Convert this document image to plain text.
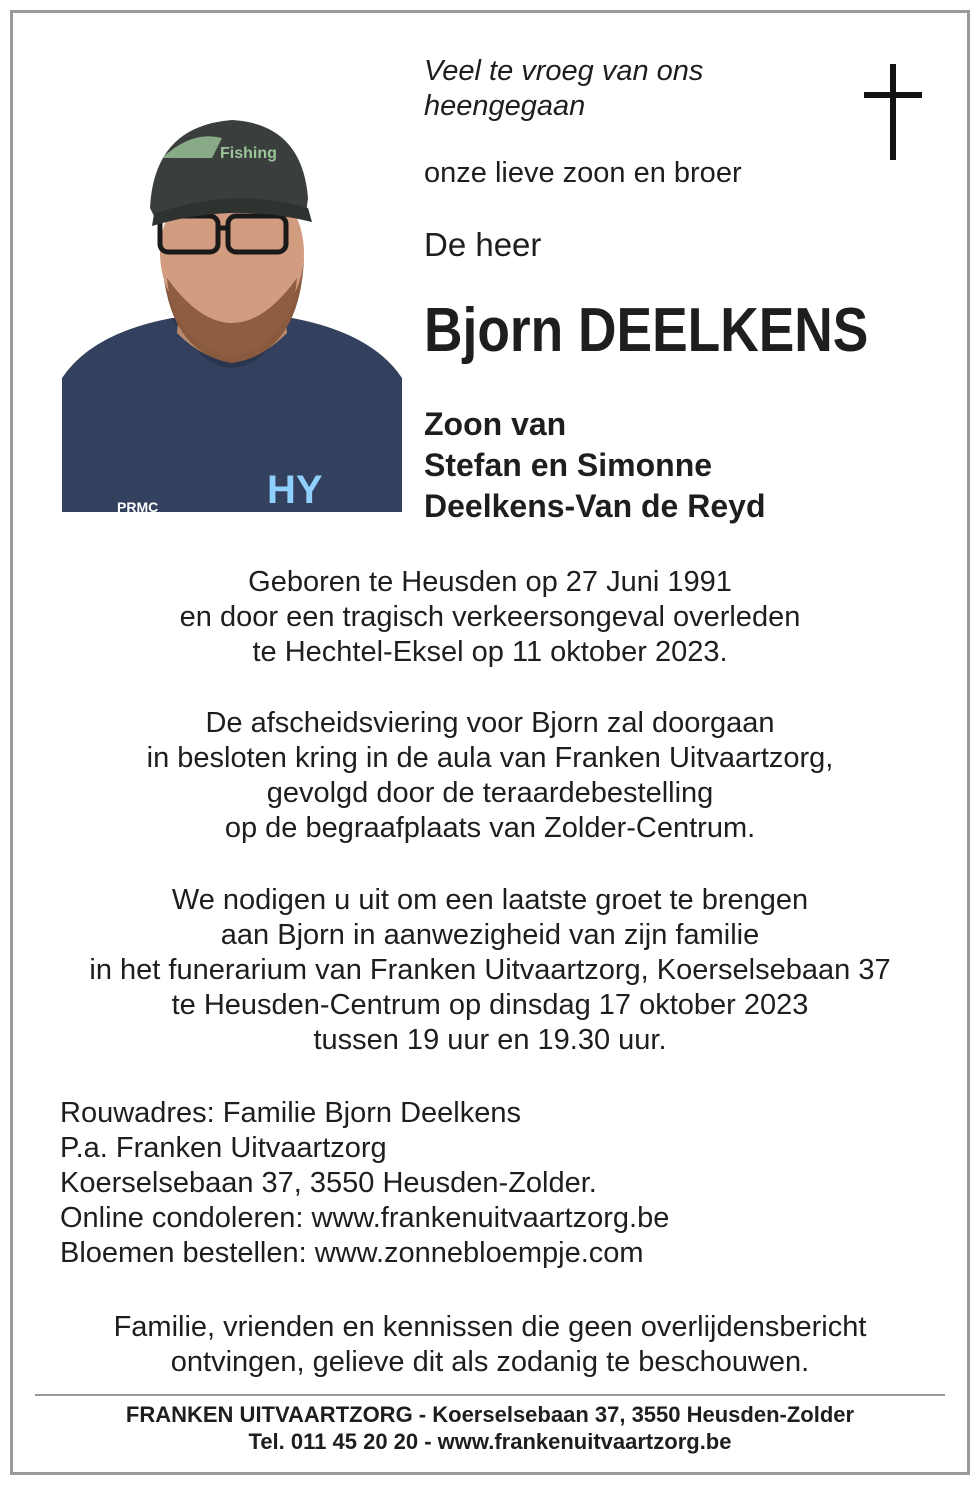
Fishing
HY
PRMC
Veel te vroeg van ons
heengegaan
onze lieve zoon en broer
De heer
Bjorn DEELKENS
Zoon van
Stefan en Simonne
Deelkens-Van de Reyd
Geboren te Heusden op 27 Juni 1991
en door een tragisch verkeersongeval overleden
te Hechtel-Eksel op 11 oktober 2023.
De afscheidsviering voor Bjorn zal doorgaan
in besloten kring in de aula van Franken Uitvaartzorg,
gevolgd door de teraardebestelling
op de begraafplaats van Zolder-Centrum.
We nodigen u uit om een laatste groet te brengen
aan Bjorn in aanwezigheid van zijn familie
in het funerarium van Franken Uitvaartzorg, Koerselsebaan 37
te Heusden-Centrum op dinsdag 17 oktober 2023
tussen 19 uur en 19.30 uur.
Rouwadres: Familie Bjorn Deelkens
P.a. Franken Uitvaartzorg
Koerselsebaan 37, 3550 Heusden-Zolder.
Online condoleren: www.frankenuitvaartzorg.be
Bloemen bestellen: www.zonnebloempje.com
Familie, vrienden en kennissen die geen overlijdensbericht
ontvingen, gelieve dit als zodanig te beschouwen.
FRANKEN UITVAARTZORG - Koerselsebaan 37, 3550 Heusden-Zolder
Tel. 011 45 20 20 - www.frankenuitvaartzorg.be
